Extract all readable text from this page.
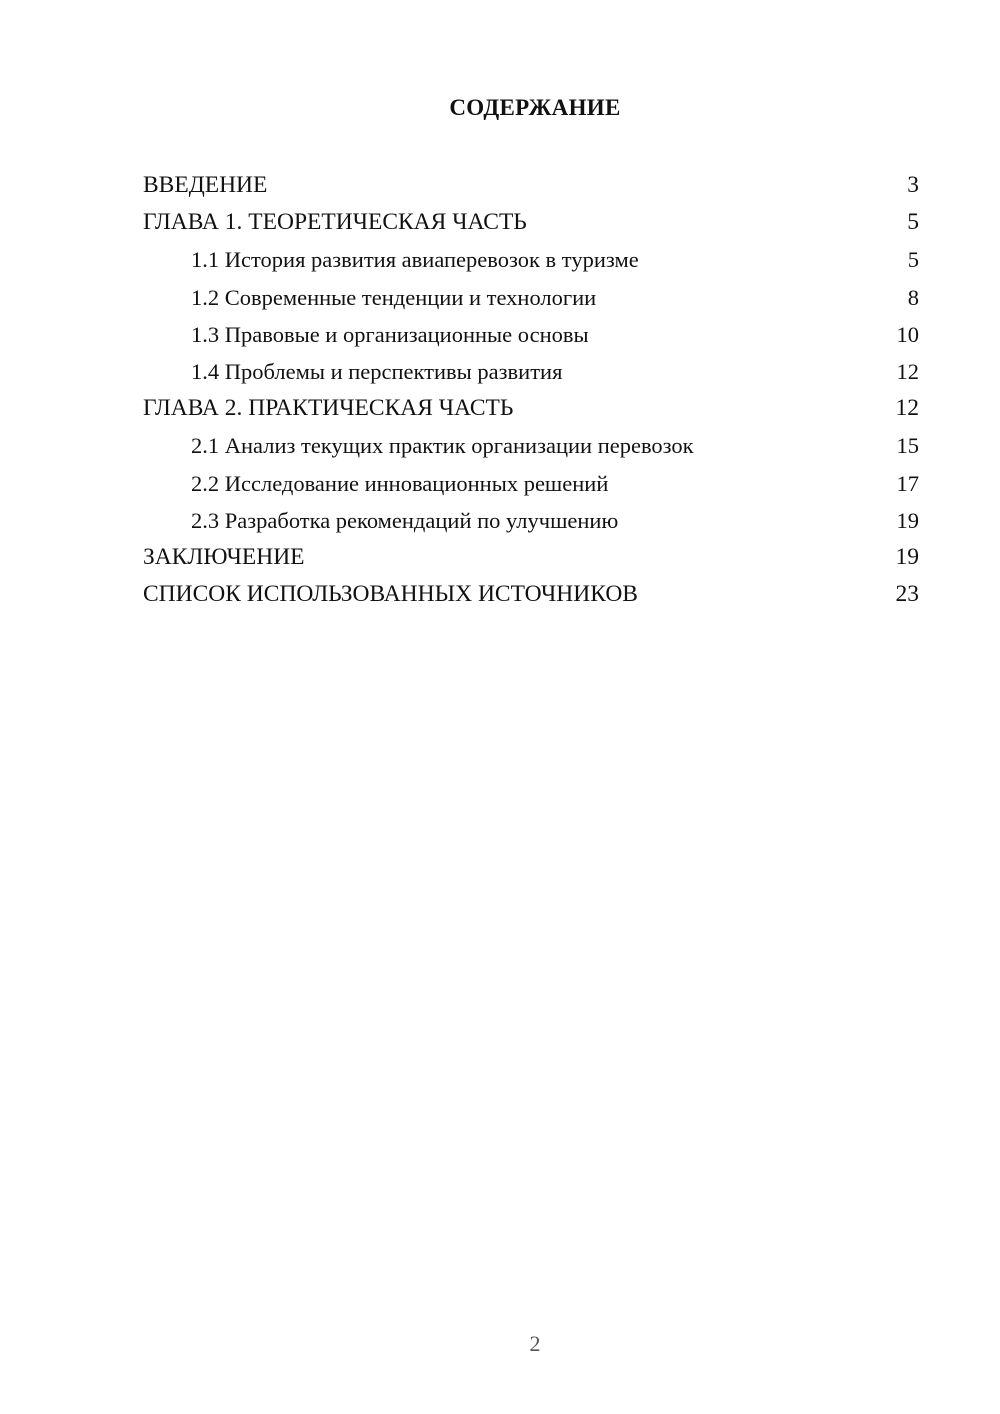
СОДЕРЖАНИЕ
ВВЕДЕНИЕ	3
ГЛАВА 1. ТЕОРЕТИЧЕСКАЯ ЧАСТЬ	5
1.1 История развития авиаперевозок в туризме	5
1.2 Современные тенденции и технологии	8
1.3 Правовые и организационные основы	10
1.4 Проблемы и перспективы развития	12
ГЛАВА 2. ПРАКТИЧЕСКАЯ ЧАСТЬ	12
2.1 Анализ текущих практик организации перевозок	15
2.2 Исследование инновационных решений	17
2.3 Разработка рекомендаций по улучшению	19
ЗАКЛЮЧЕНИЕ	19
СПИСОК ИСПОЛЬЗОВАННЫХ ИСТОЧНИКОВ	23
2
